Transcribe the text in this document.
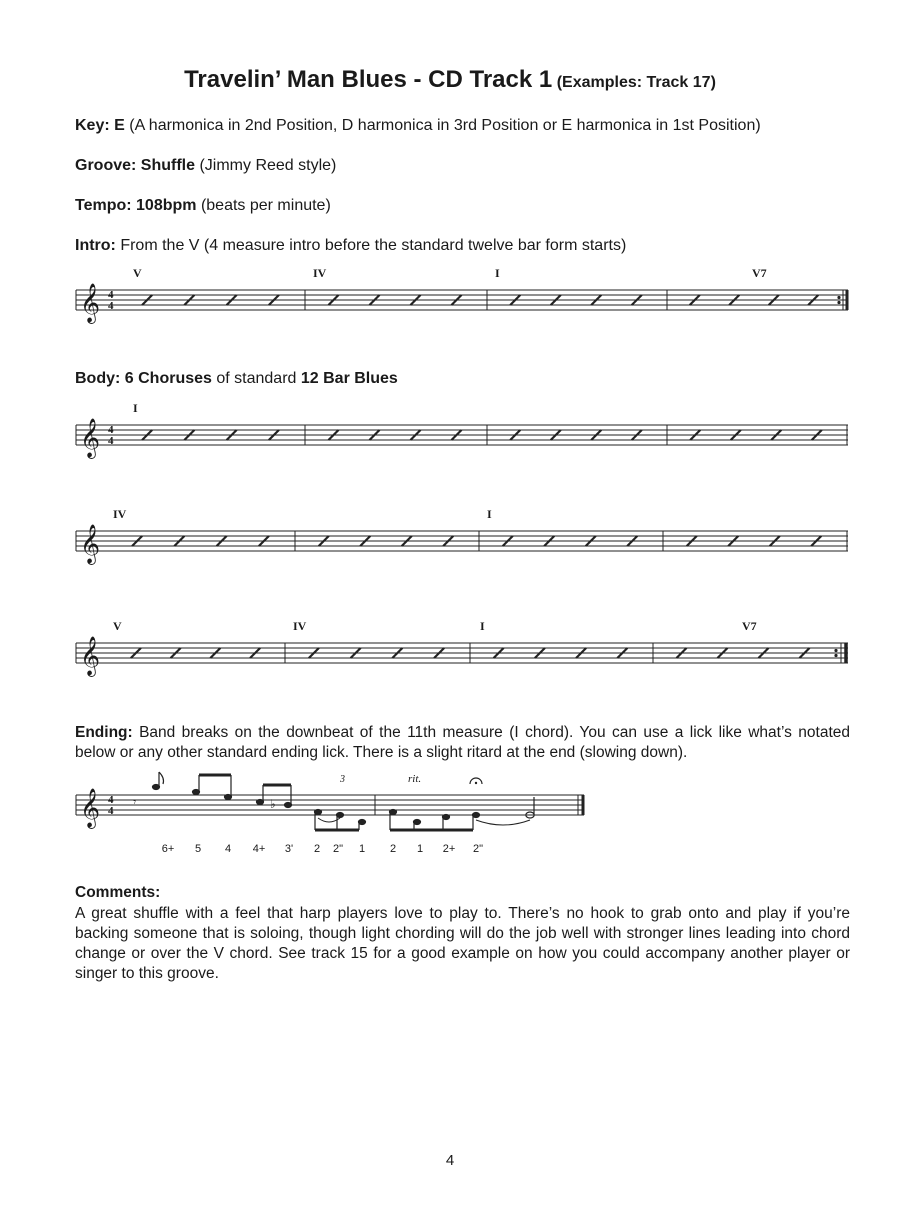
Travelin’ Man Blues - CD Track 1 (Examples: Track 17)
Key: E (A harmonica in 2nd Position, D harmonica in 3rd Position or E harmonica in 1st Position)
Groove: Shuffle (Jimmy Reed style)
Tempo: 108bpm (beats per minute)
Intro: From the V (4 measure intro before the standard twelve bar form starts)
V	IV	I	V7
𝄞 4
4
Body: 6 Choruses of standard 12 Bar Blues
I
𝄞 4
4
IV	I
𝄞
V	IV	I	V7
𝄞
Ending: Band breaks on the downbeat of the 11th measure (I chord). You can use a lick like what’s notated below or any other standard ending lick. There is a slight ritard at the end (slowing down).
𝄞 4
4
𝄾	♭
3	rit.
6+ 5 4 4+ 3' 2 2" 1 2 1 2+ 2"
Comments:
A great shuffle with a feel that harp players love to play to. There’s no hook to grab onto and play if you’re backing someone that is soloing, though light chording will do the job well with stronger lines leading into chord change or over the V chord. See track 15 for a good example on how you could accompany another player or singer to this groove.
4
